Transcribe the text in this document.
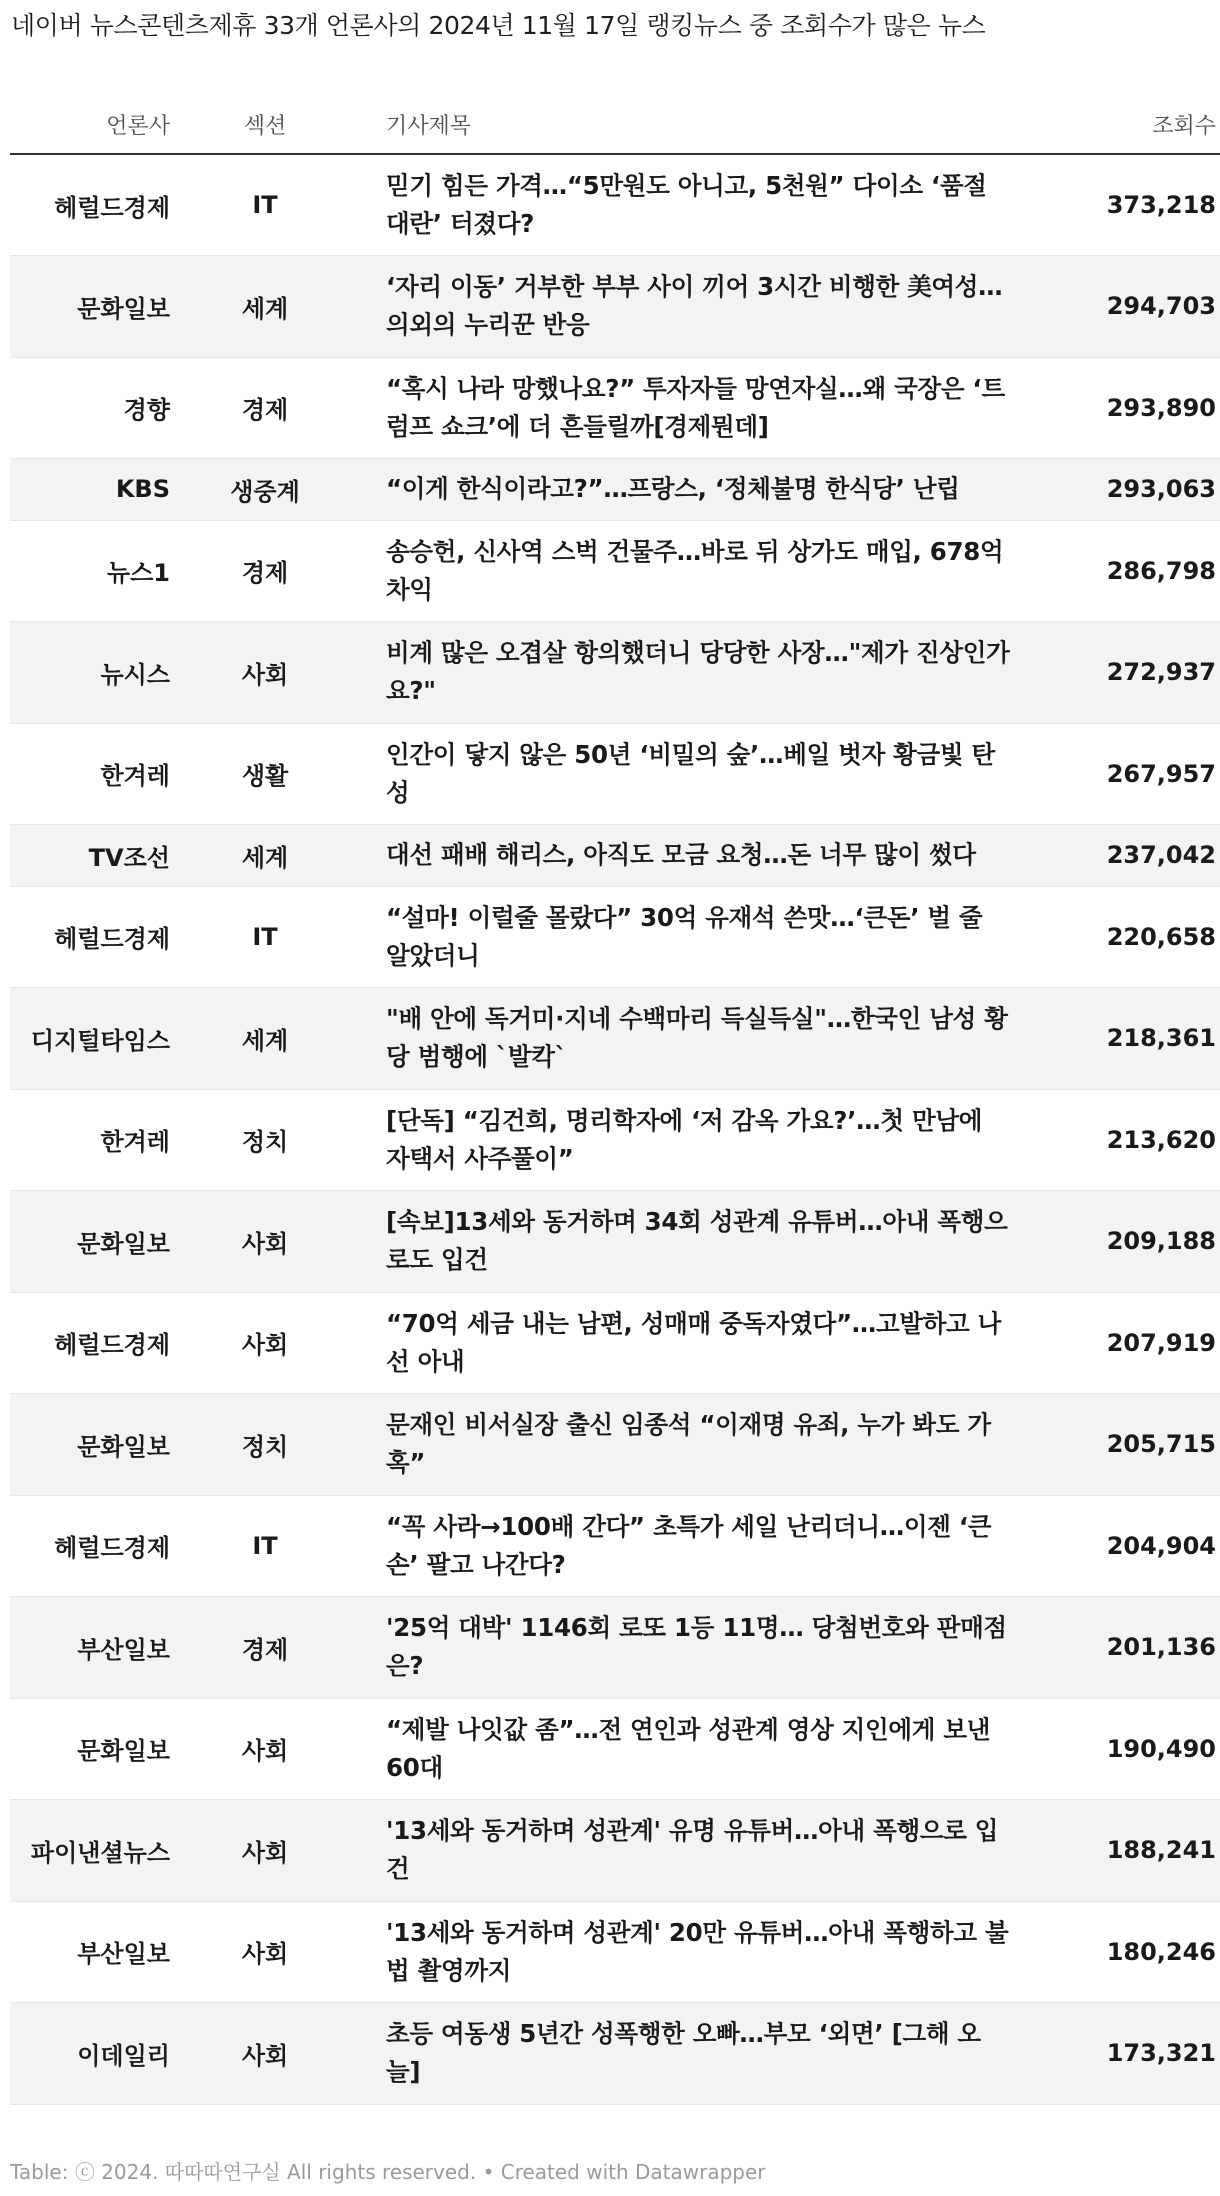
네이버 뉴스콘텐츠제휴 33개 언론사의 2024년 11월 17일 랭킹뉴스 중 조회수가 많은 뉴스
언론사	섹션	기사제목	조회수
헤럴드경제	IT	믿기 힘든 가격…“5만원도 아니고, 5천원” 다이소 ‘품절대란’ 터졌다?	373,218
문화일보	세계	‘자리 이동’ 거부한 부부 사이 끼어 3시간 비행한 美여성…의외의 누리꾼 반응	294,703
경향	경제	“혹시 나라 망했나요?” 투자자들 망연자실…왜 국장은 ‘트럼프 쇼크’에 더 흔들릴까[경제뭔데]	293,890
KBS	생중계	“이게 한식이라고?”…프랑스, ‘정체불명 한식당’ 난립	293,063
뉴스1	경제	송승헌, 신사역 스벅 건물주…바로 뒤 상가도 매입, 678억 차익	286,798
뉴시스	사회	비계 많은 오겹살 항의했더니 당당한 사장…"제가 진상인가요?"	272,937
한겨레	생활	인간이 닿지 않은 50년 ‘비밀의 숲’…베일 벗자 황금빛 탄성	267,957
TV조선	세계	대선 패배 해리스, 아직도 모금 요청…돈 너무 많이 썼다	237,042
헤럴드경제	IT	“설마! 이럴줄 몰랐다” 30억 유재석 쓴맛…‘큰돈’ 벌 줄 알았더니	220,658
디지털타임스	세계	"배 안에 독거미·지네 수백마리 득실득실"…한국인 남성 황당 범행에 `발칵`	218,361
한겨레	정치	[단독] “김건희, 명리학자에 ‘저 감옥 가요?’…첫 만남에 자택서 사주풀이”	213,620
문화일보	사회	[속보]13세와 동거하며 34회 성관계 유튜버…아내 폭행으로도 입건	209,188
헤럴드경제	사회	“70억 세금 내는 남편, 성매매 중독자였다”…고발하고 나선 아내	207,919
문화일보	정치	문재인 비서실장 출신 임종석 “이재명 유죄, 누가 봐도 가혹”	205,715
헤럴드경제	IT	“꼭 사라→100배 간다” 초특가 세일 난리더니…이젠 ‘큰손’ 팔고 나간다?	204,904
부산일보	경제	'25억 대박' 1146회 로또 1등 11명… 당첨번호와 판매점은?	201,136
문화일보	사회	“제발 나잇값 좀”…전 연인과 성관계 영상 지인에게 보낸 60대	190,490
파이낸셜뉴스	사회	'13세와 동거하며 성관계' 유명 유튜버…아내 폭행으로 입건	188,241
부산일보	사회	'13세와 동거하며 성관계' 20만 유튜버…아내 폭행하고 불법 촬영까지	180,246
이데일리	사회	초등 여동생 5년간 성폭행한 오빠…부모 ‘외면’ [그해 오늘]	173,321
Table: ⓒ 2024. 따따따연구실 All rights reserved. • Created with Datawrapper
